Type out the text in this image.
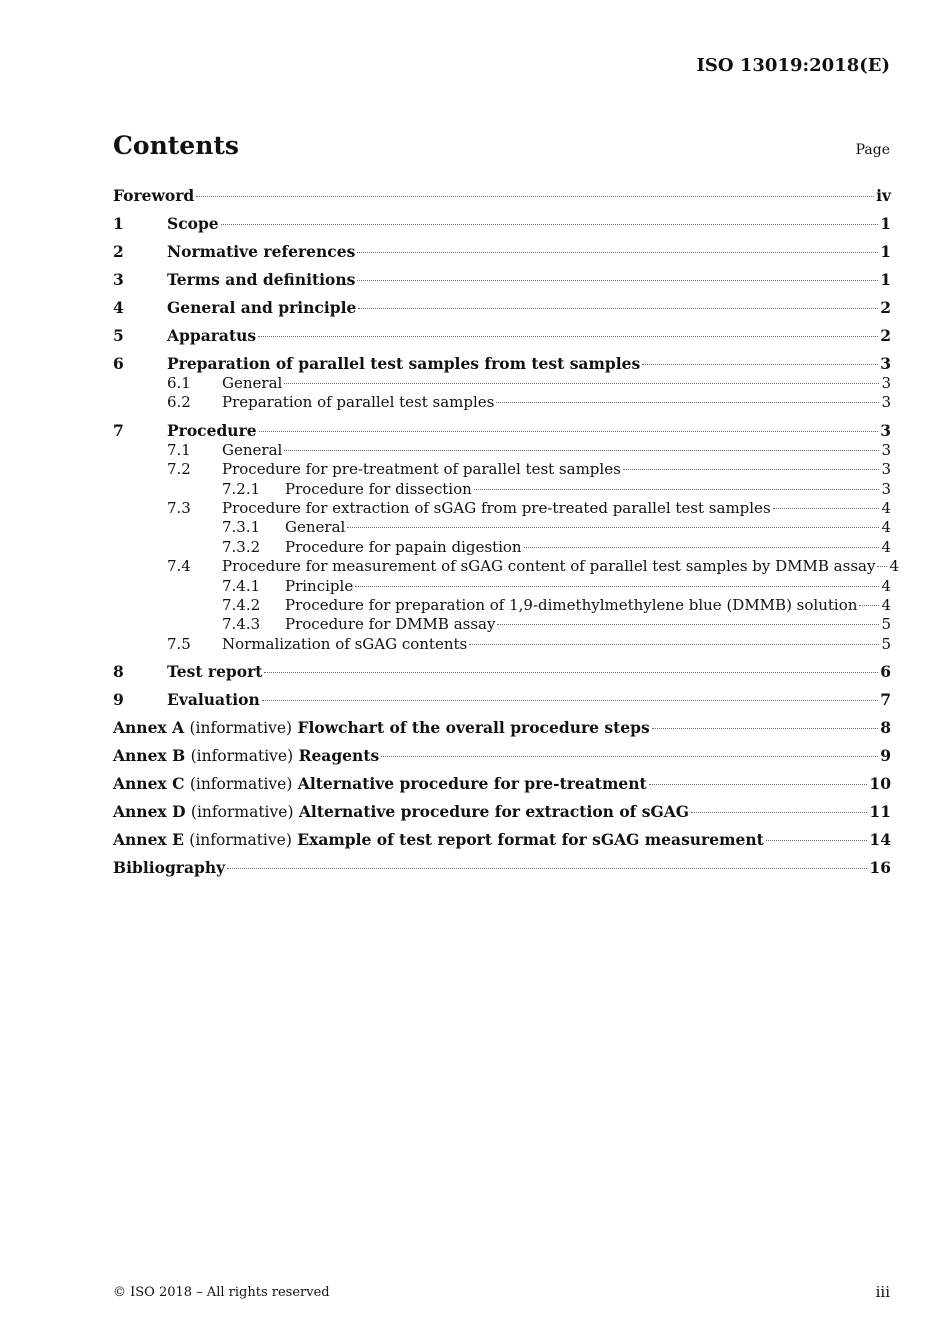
ISO 13019:2018(E)
Contents	Page
Foreword	iv
1	Scope	1
2	Normative references	1
3	Terms and definitions	1
4	General and principle	2
5	Apparatus	2
6	Preparation of parallel test samples from test samples	3
6.1	General	3
6.2	Preparation of parallel test samples	3
7	Procedure	3
7.1	General	3
7.2	Procedure for pre-treatment of parallel test samples	3
7.2.1	Procedure for dissection	3
7.3	Procedure for extraction of sGAG from pre-treated parallel test samples	4
7.3.1	General	4
7.3.2	Procedure for papain digestion	4
7.4	Procedure for measurement of sGAG content of parallel test samples by DMMB assay 4
7.4.1	Principle	4
7.4.2	Procedure for preparation of 1,9-dimethylmethylene blue (DMMB) solution 4
7.4.3	Procedure for DMMB assay	5
7.5	Normalization of sGAG contents	5
8	Test report	6
9	Evaluation	7
Annex A (informative) Flowchart of the overall procedure steps	8
Annex B (informative) Reagents	9
Annex C (informative) Alternative procedure for pre-treatment	10
Annex D (informative) Alternative procedure for extraction of sGAG	11
Annex E (informative) Example of test report format for sGAG measurement	14
Bibliography	16
© ISO 2018 – All rights reserved	iii
